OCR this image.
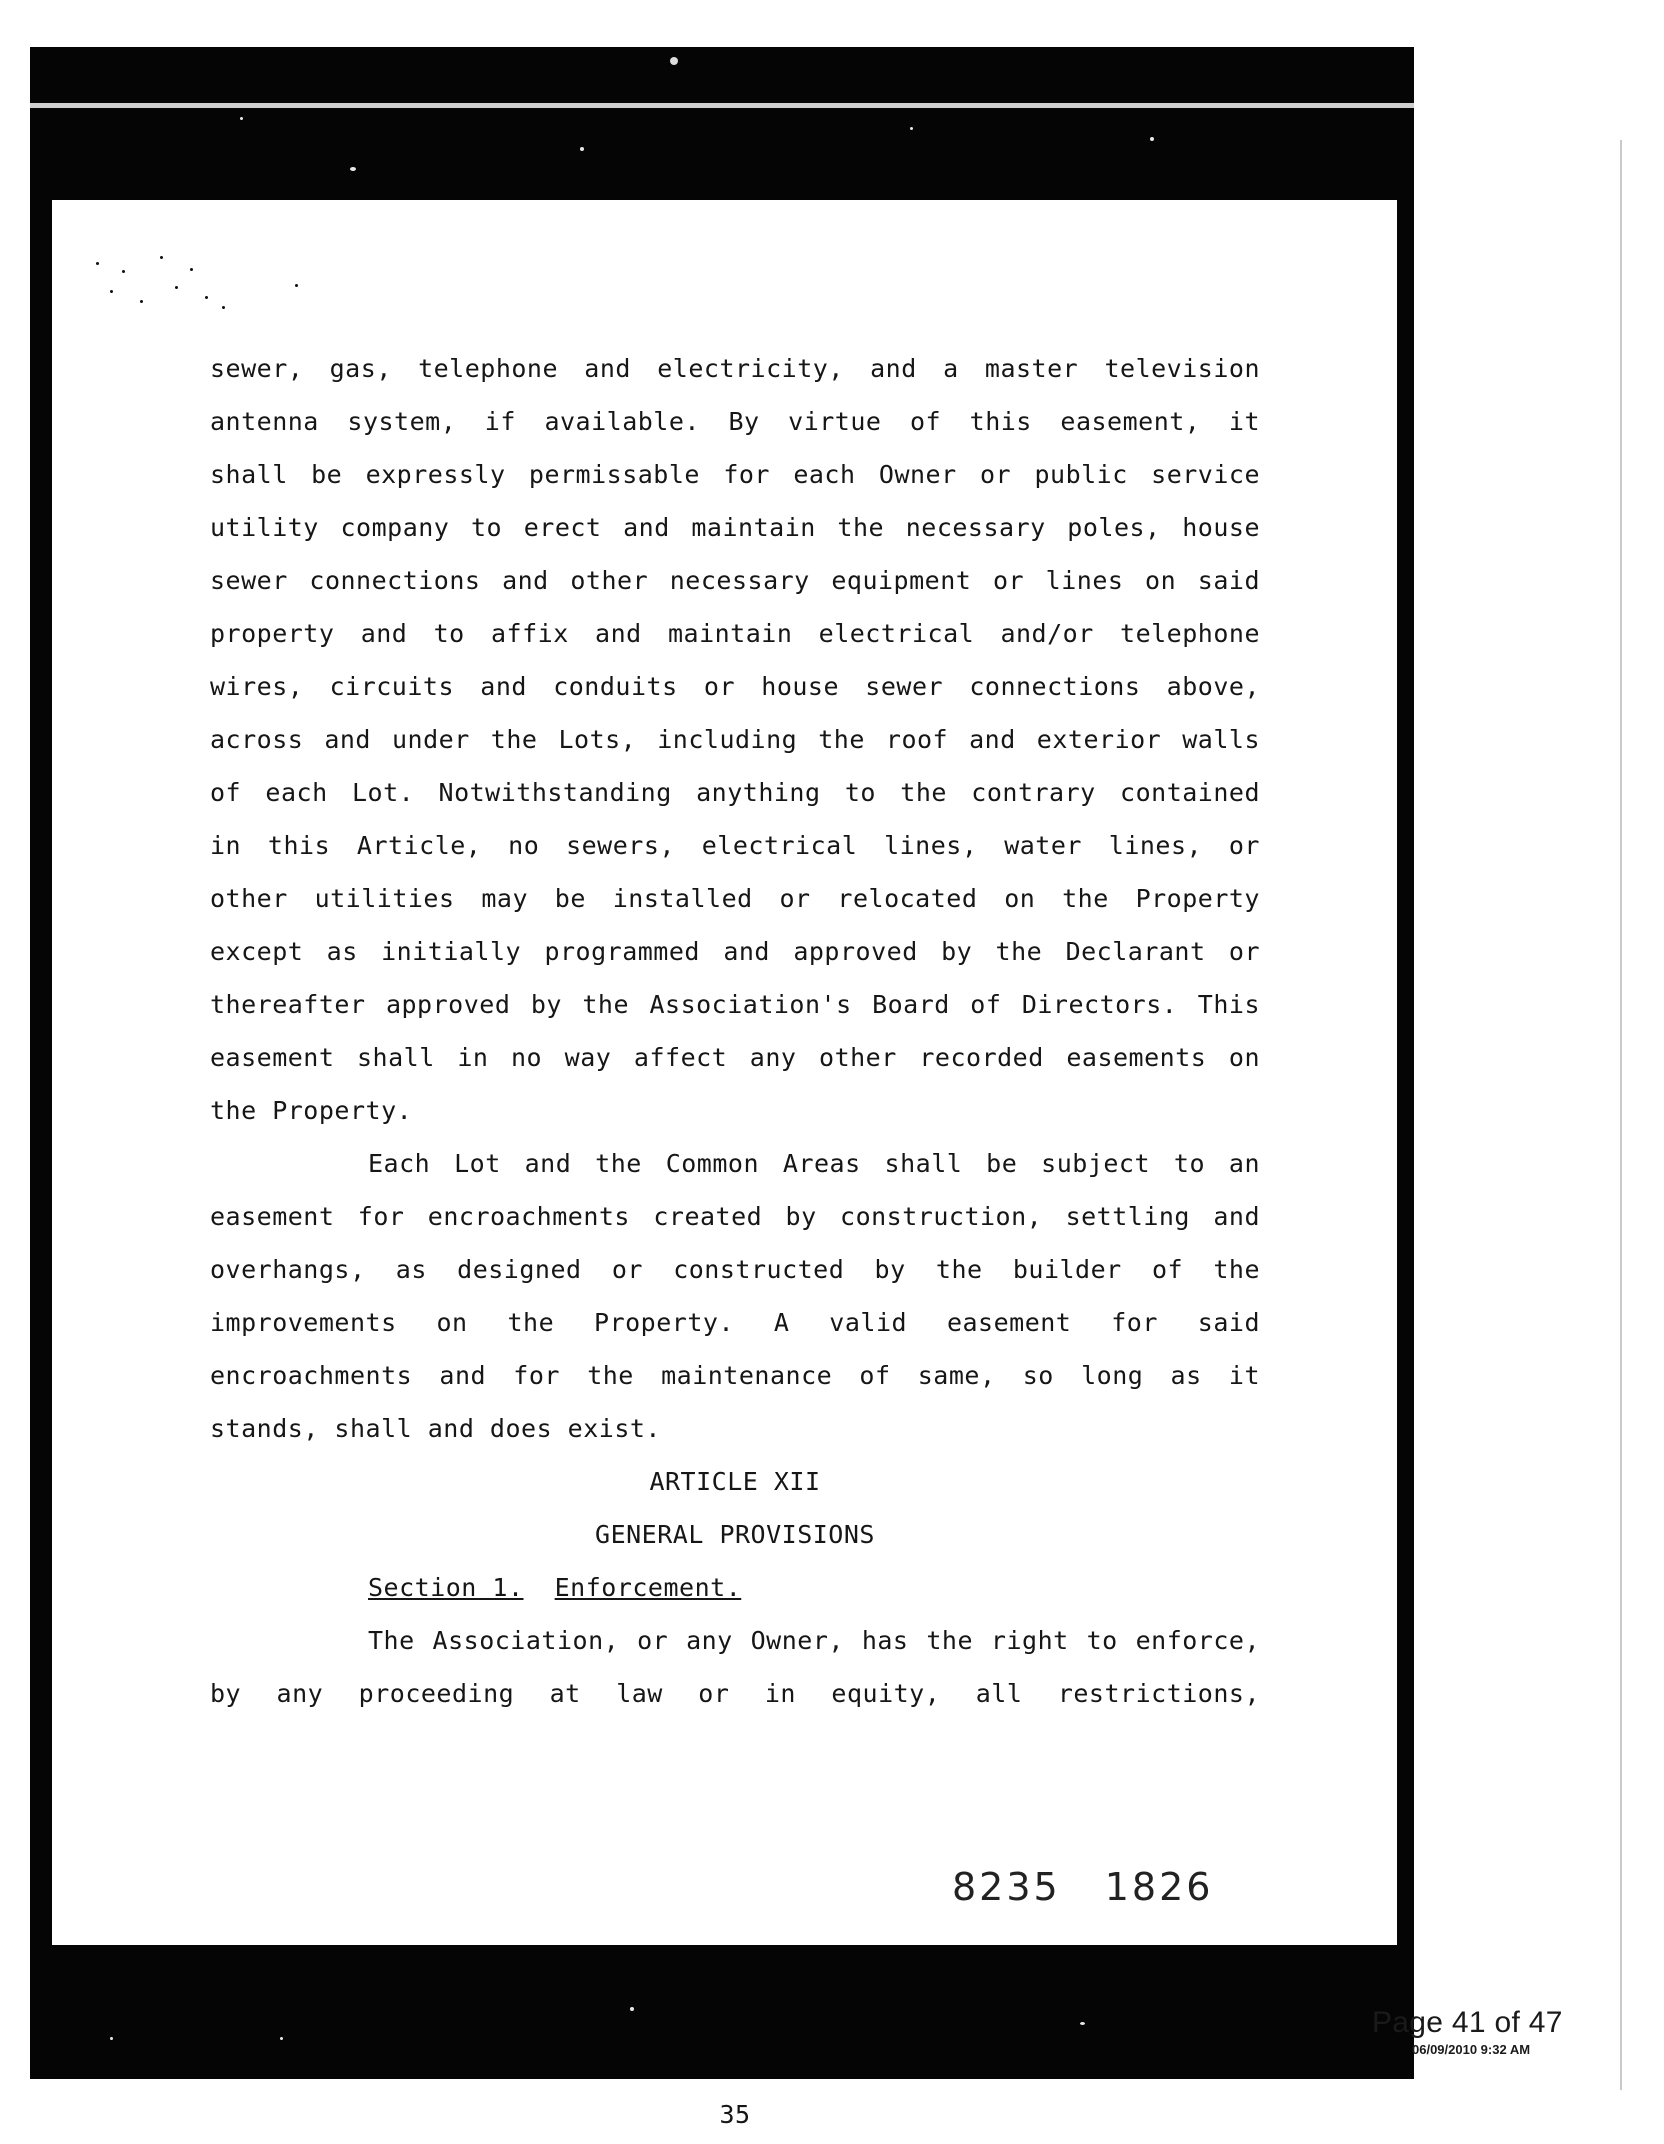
sewer, gas, telephone and electricity, and a master television
antenna system, if available. By virtue of this easement, it
shall be expressly permissable for each Owner or public service
utility company to erect and maintain the necessary poles, house
sewer connections and other necessary equipment or lines on said
property and to affix and maintain electrical and/or telephone
wires, circuits and conduits or house sewer connections above,
across and under the Lots, including the roof and exterior walls
of each Lot. Notwithstanding anything to the contrary contained
in this Article, no sewers, electrical lines, water lines, or
other utilities may be installed or relocated on the Property
except as initially programmed and approved by the Declarant or
thereafter approved by the Association's Board of Directors. This
easement shall in no way affect any other recorded easements on
the Property.
Each Lot and the Common Areas shall be subject to an
easement for encroachments created by construction, settling and
overhangs, as designed or constructed by the builder of the
improvements on the Property. A valid easement for said
encroachments and for the maintenance of same, so long as it
stands, shall and does exist.
ARTICLE XII
GENERAL PROVISIONS
Section 1. Enforcement.
The Association, or any Owner, has the right to enforce,
by any proceeding at law or in equity, all restrictions,
35
8235 1826
Page 41 of 47
06/09/2010 9:32 AM
